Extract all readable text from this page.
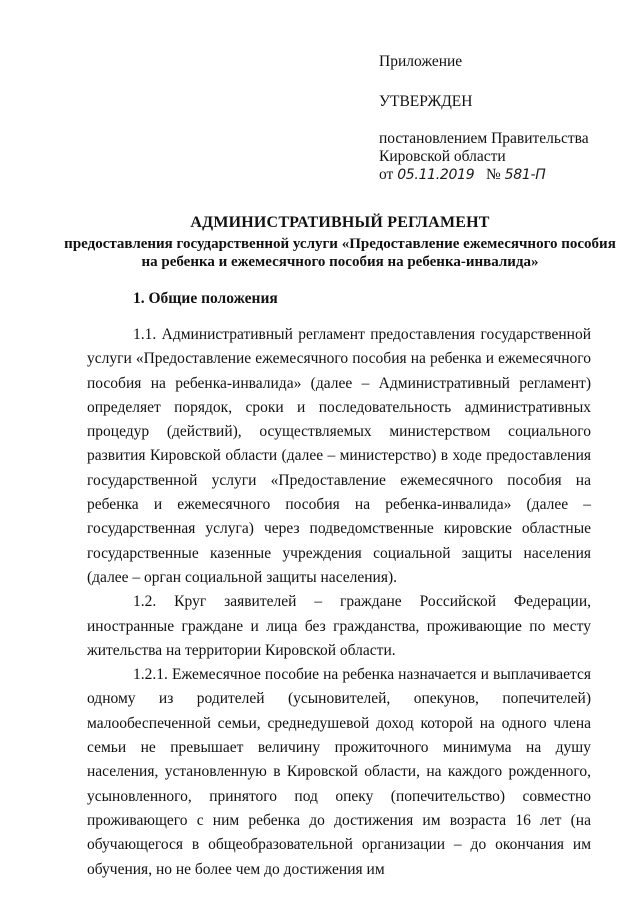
Приложение
УТВЕРЖДЕН
постановлением Правительства
Кировской области
от 05.11.2019 № 581-П
АДМИНИСТРАТИВНЫЙ РЕГЛАМЕНТ
предоставления государственной услуги «Предоставление ежемесячного пособия на ребенка и ежемесячного пособия на ребенка-инвалида»
1. Общие положения

1.1. Административный регламент предоставления государственной услуги «Предоставление ежемесячного пособия на ребенка и ежемесячного пособия на ребенка-инвалида» (далее – Административный регламент) определяет порядок, сроки и последовательность административных процедур (действий), осуществляемых министерством социального развития Кировской области (далее – министерство) в ходе предоставления государственной услуги «Предоставление ежемесячного пособия на ребенка и ежемесячного пособия на ребенка-инвалида» (далее – государственная услуга) через подведомственные кировские областные государственные казенные учреждения социальной защиты населения (далее – орган социальной защиты населения).

1.2. Круг заявителей – граждане Российской Федерации, иностранные граждане и лица без гражданства, проживающие по месту жительства на территории Кировской области.

1.2.1. Ежемесячное пособие на ребенка назначается и выплачивается одному из родителей (усыновителей, опекунов, попечителей) малообеспеченной семьи, среднедушевой доход которой на одного члена семьи не превышает величину прожиточного минимума на душу населения, установленную в Кировской области, на каждого рожденного, усыновленного, принятого под опеку (попечительство) совместно проживающего с ним ребенка до достижения им возраста 16 лет (на обучающегося в общеобразовательной организации – до окончания им обучения, но не более чем до достижения им
